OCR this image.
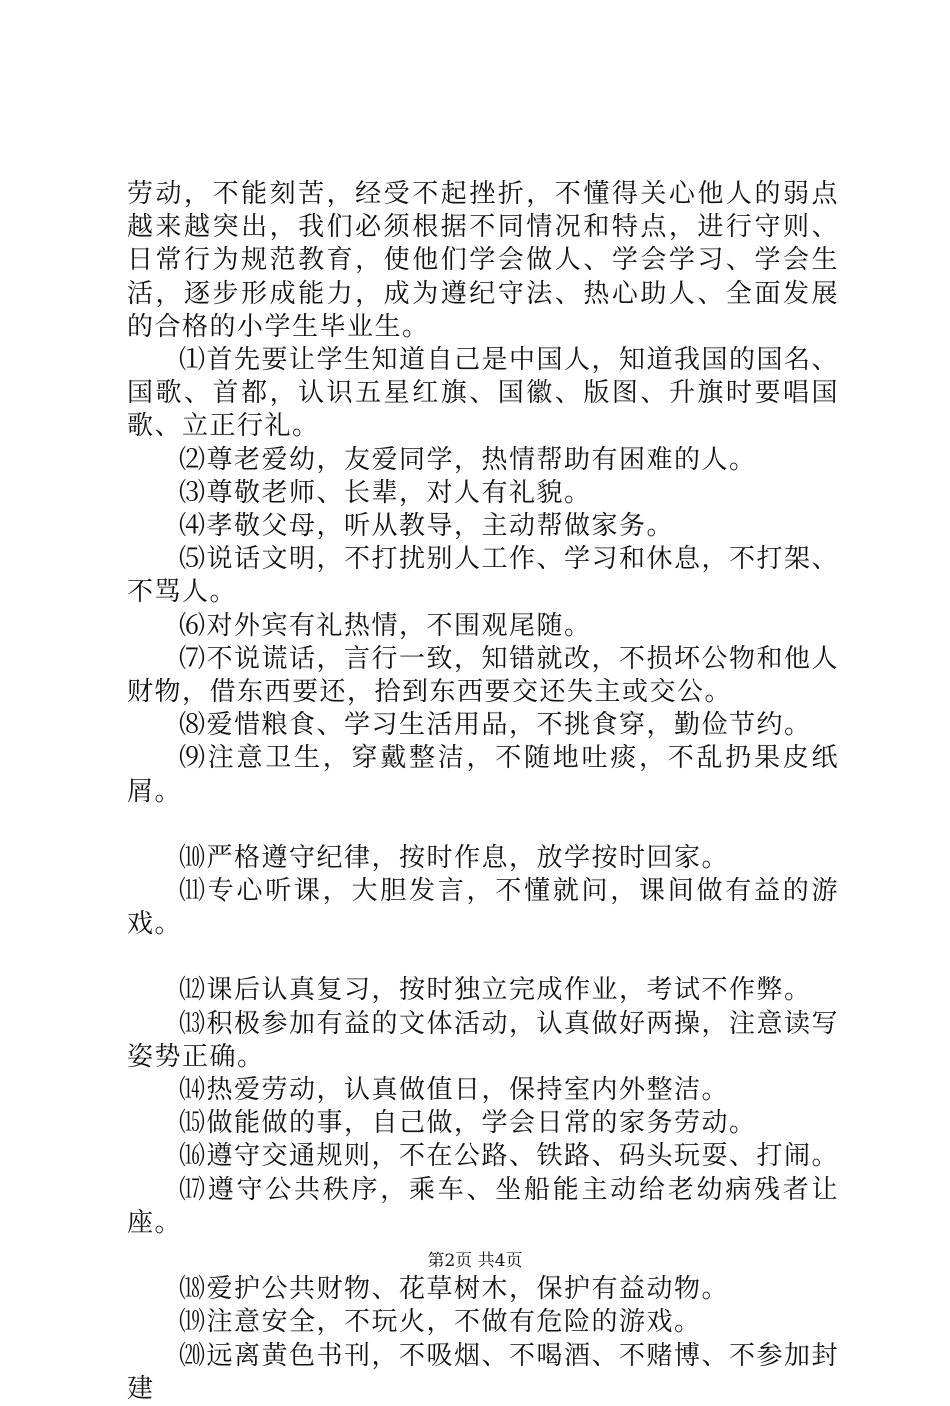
劳动，不能刻苦，经受不起挫折，不懂得关心他人的弱点越来越突出，我们必须根据不同情况和特点，进行守则、日常行为规范教育，使他们学会做人、学会学习、学会生活，逐步形成能力，成为遵纪守法、热心助人、全面发展的合格的小学生毕业生。

⑴首先要让学生知道自己是中国人，知道我国的国名、国歌、首都，认识五星红旗、国徽、版图、升旗时要唱国歌、立正行礼。

⑵尊老爱幼，友爱同学，热情帮助有困难的人。

⑶尊敬老师、长辈，对人有礼貌。

⑷孝敬父母，听从教导，主动帮做家务。

⑸说话文明，不打扰别人工作、学习和休息，不打架、不骂人。

⑹对外宾有礼热情，不围观尾随。

⑺不说谎话，言行一致，知错就改，不损坏公物和他人财物，借东西要还，拾到东西要交还失主或交公。

⑻爱惜粮食、学习生活用品，不挑食穿，勤俭节约。

⑼注意卫生，穿戴整洁，不随地吐痰，不乱扔果皮纸屑。

⑽严格遵守纪律，按时作息，放学按时回家。

⑾专心听课，大胆发言，不懂就问，课间做有益的游戏。

⑿课后认真复习，按时独立完成作业，考试不作弊。

⒀积极参加有益的文体活动，认真做好两操，注意读写姿势正确。

⒁热爱劳动，认真做值日，保持室内外整洁。

⒂做能做的事，自己做，学会日常的家务劳动。

⒃遵守交通规则，不在公路、铁路、码头玩耍、打闹。

⒄遵守公共秩序，乘车、坐船能主动给老幼病残者让座。

⒅爱护公共财物、花草树木，保护有益动物。

⒆注意安全，不玩火，不做有危险的游戏。

⒇远离黄色书刊，不吸烟、不喝酒、不赌博、不参加封建

第2页 共4页
